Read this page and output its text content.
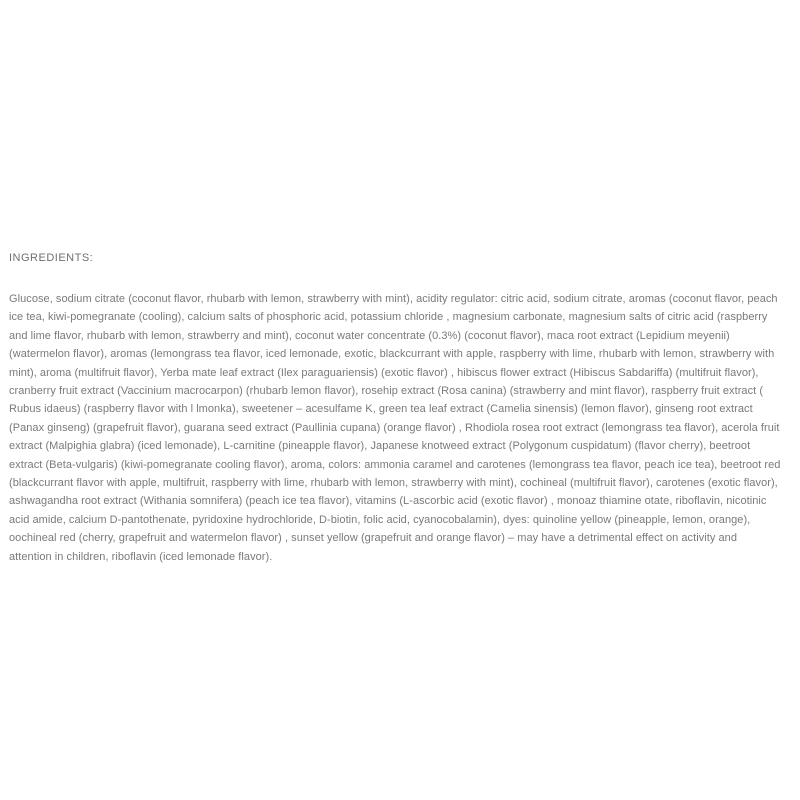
INGREDIENTS:

Glucose, sodium citrate (coconut flavor, rhubarb with lemon, strawberry with mint), acidity regulator: citric acid, sodium citrate, aromas (coconut flavor, peach ice tea, kiwi-pomegranate (cooling), calcium salts of phosphoric acid, potassium chloride , magnesium carbonate, magnesium salts of citric acid (raspberry and lime flavor, rhubarb with lemon, strawberry and mint), coconut water concentrate (0.3%) (coconut flavor), maca root extract (Lepidium meyenii) (watermelon flavor), aromas (lemongrass tea flavor, iced lemonade, exotic, blackcurrant with apple, raspberry with lime, rhubarb with lemon, strawberry with mint), aroma (multifruit flavor), Yerba mate leaf extract (Ilex paraguariensis) (exotic flavor) , hibiscus flower extract (Hibiscus Sabdariffa) (multifruit flavor), cranberry fruit extract (Vaccinium macrocarpon) (rhubarb lemon flavor), rosehip extract (Rosa canina) (strawberry and mint flavor), raspberry fruit extract ( Rubus idaeus) (raspberry flavor with l lmonka), sweetener – acesulfame K, green tea leaf extract (Camelia sinensis) (lemon flavor), ginseng root extract (Panax ginseng) (grapefruit flavor), guarana seed extract (Paullinia cupana) (orange flavor) , Rhodiola rosea root extract (lemongrass tea flavor), acerola fruit extract (Malpighia glabra) (iced lemonade), L-carnitine (pineapple flavor), Japanese knotweed extract (Polygonum cuspidatum) (flavor cherry), beetroot extract (Beta-vulgaris) (kiwi-pomegranate cooling flavor), aroma, colors: ammonia caramel and carotenes (lemongrass tea flavor, peach ice tea), beetroot red (blackcurrant flavor with apple, multifruit, raspberry with lime, rhubarb with lemon, strawberry with mint), cochineal (multifruit flavor), carotenes (exotic flavor), ashwagandha root extract (Withania somnifera) (peach ice tea flavor), vitamins (L-ascorbic acid (exotic flavor) , monoaz thiamine otate, riboflavin, nicotinic acid amide, calcium D-pantothenate, pyridoxine hydrochloride, D-biotin, folic acid, cyanocobalamin), dyes: quinoline yellow (pineapple, lemon, orange), oochineal red (cherry, grapefruit and watermelon flavor) , sunset yellow (grapefruit and orange flavor) – may have a detrimental effect on activity and attention in children, riboflavin (iced lemonade flavor).
